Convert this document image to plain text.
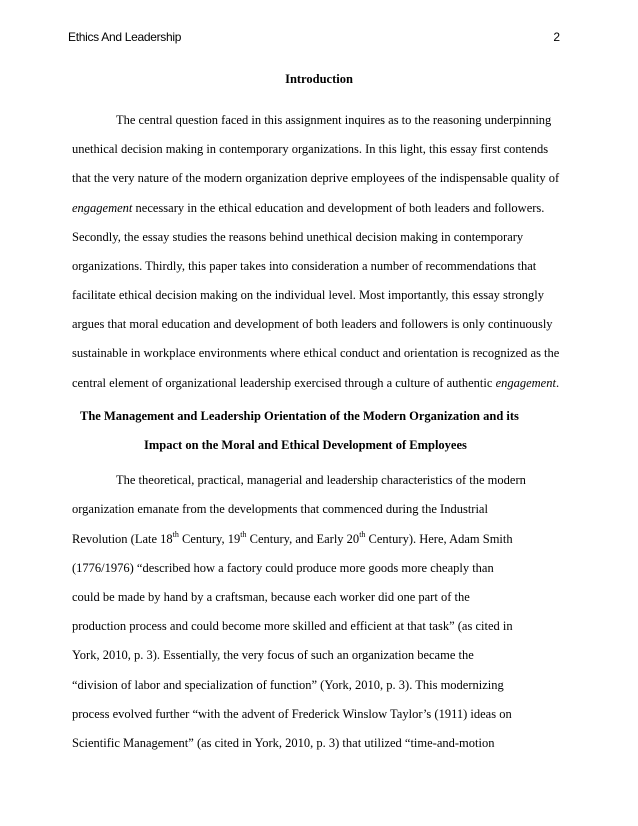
Ethics And Leadership	2
Introduction
The central question faced in this assignment inquires as to the reasoning underpinning
unethical decision making in contemporary organizations. In this light, this essay first contends
that the very nature of the modern organization deprive employees of the indispensable quality of
engagement necessary in the ethical education and development of both leaders and followers.
Secondly, the essay studies the reasons behind unethical decision making in contemporary
organizations. Thirdly, this paper takes into consideration a number of recommendations that
facilitate ethical decision making on the individual level. Most importantly, this essay strongly
argues that moral education and development of both leaders and followers is only continuously
sustainable in workplace environments where ethical conduct and orientation is recognized as the
central element of organizational leadership exercised through a culture of authentic engagement.
The Management and Leadership Orientation of the Modern Organization and its
Impact on the Moral and Ethical Development of Employees
The theoretical, practical, managerial and leadership characteristics of the modern
organization emanate from the developments that commenced during the Industrial
Revolution (Late 18th Century, 19th Century, and Early 20th Century). Here, Adam Smith
(1776/1976) “described how a factory could produce more goods more cheaply than
could be made by hand by a craftsman, because each worker did one part of the
production process and could become more skilled and efficient at that task” (as cited in
York, 2010, p. 3). Essentially, the very focus of such an organization became the
“division of labor and specialization of function” (York, 2010, p. 3). This modernizing
process evolved further “with the advent of Frederick Winslow Taylor’s (1911) ideas on
Scientific Management” (as cited in York, 2010, p. 3) that utilized “time-and-motion
